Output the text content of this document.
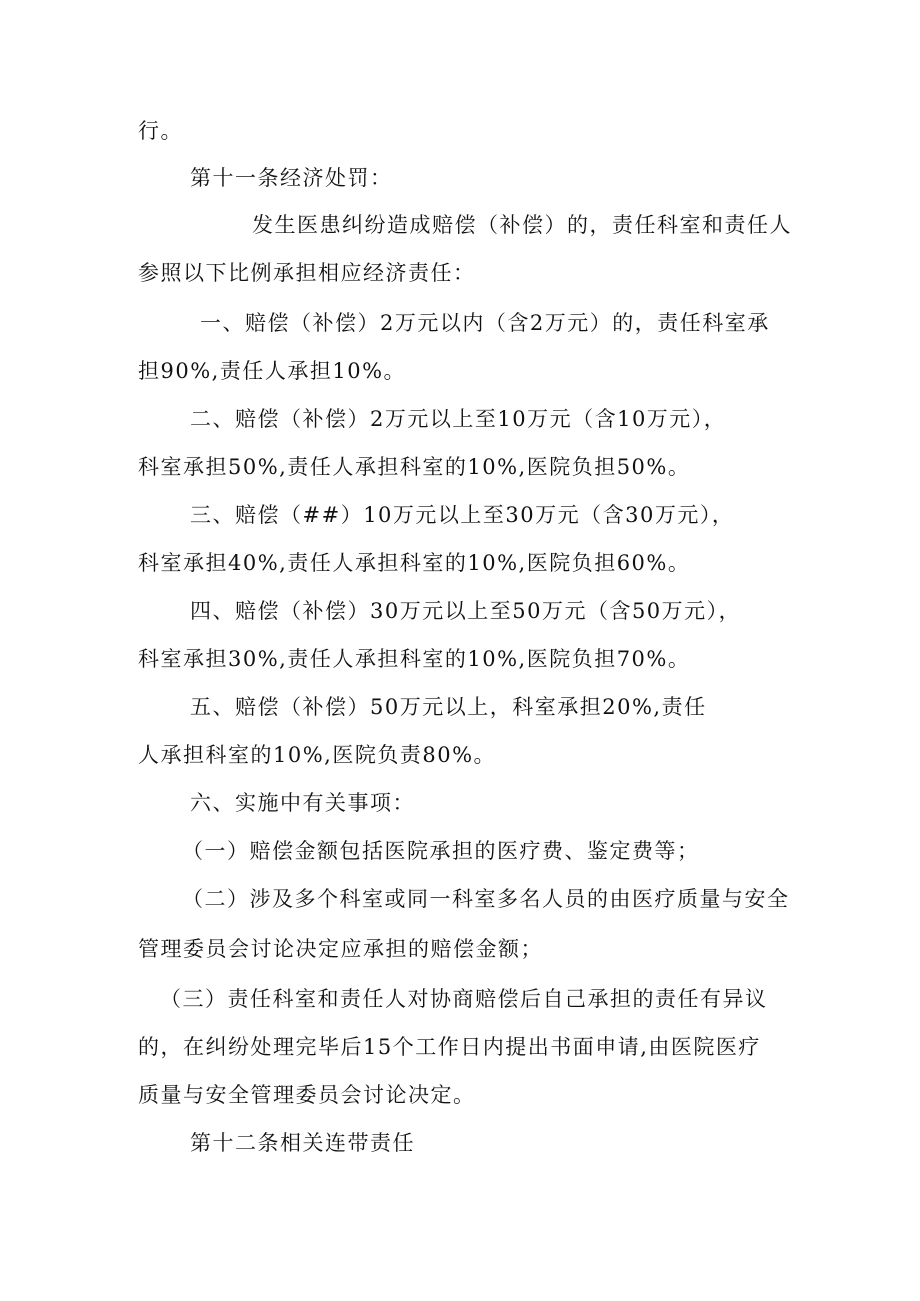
行。
第十一条经济处罚：
发生医患纠纷造成赔偿（补偿）的，责任科室和责任人
参照以下比例承担相应经济责任：
一、赔偿（补偿）2万元以内（含2万元）的，责任科室承
担90%,责任人承担10%。
二、赔偿（补偿）2万元以上至10万元（含10万元），
科室承担50%,责任人承担科室的10%,医院负担50%。
三、赔偿（##）10万元以上至30万元（含30万元），
科室承担40%,责任人承担科室的10%,医院负担60%。
四、赔偿（补偿）30万元以上至50万元（含50万元），
科室承担30%,责任人承担科室的10%,医院负担70%。
五、赔偿（补偿）50万元以上，科室承担20%,责任
人承担科室的10%,医院负责80%。
六、实施中有关事项：
（一）赔偿金额包括医院承担的医疗费、鉴定费等；
（二）涉及多个科室或同一科室多名人员的由医疗质量与安全
管理委员会讨论决定应承担的赔偿金额；
（三）责任科室和责任人对协商赔偿后自己承担的责任有异议
的，在纠纷处理完毕后15个工作日内提出书面申请,由医院医疗
质量与安全管理委员会讨论决定。
第十二条相关连带责任
